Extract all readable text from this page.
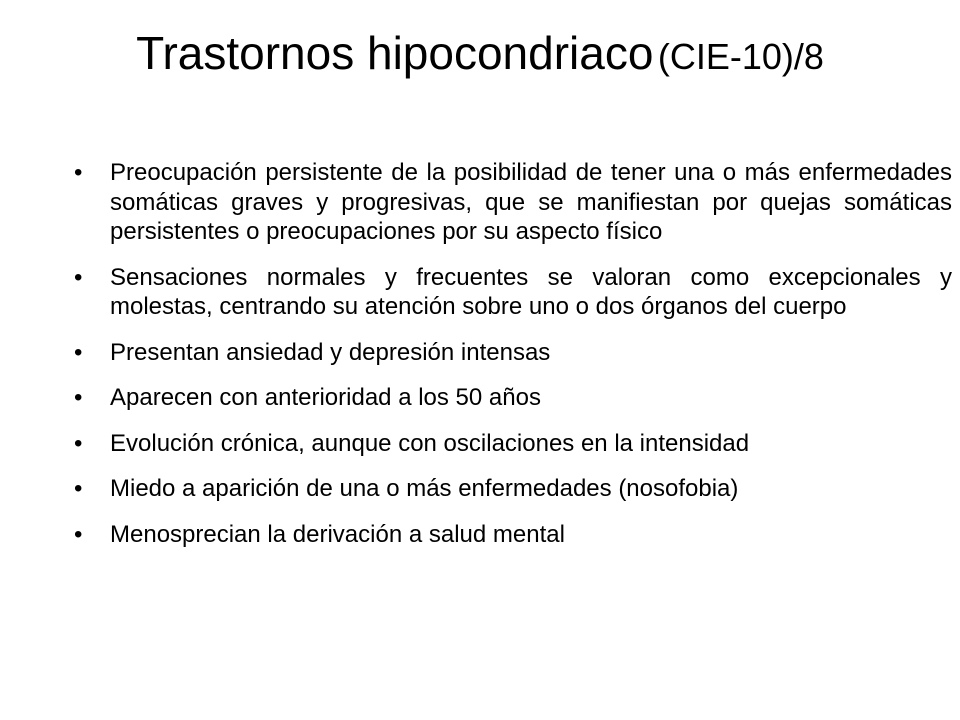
Trastornos hipocondriaco (CIE-10)/8
•	Preocupación persistente de la posibilidad de tener una o más enfermedades somáticas graves y progresivas, que se manifiestan por quejas somáticas persistentes o preocupaciones por su aspecto físico
•	Sensaciones normales y frecuentes se valoran como excepcionales y molestas, centrando su atención sobre uno o dos órganos del cuerpo
•	Presentan ansiedad y depresión intensas
•	Aparecen con anterioridad a los 50 años
•	Evolución crónica, aunque con oscilaciones en la intensidad
•	Miedo a aparición de una o más enfermedades (nosofobia)
•	Menosprecian la derivación a salud mental
